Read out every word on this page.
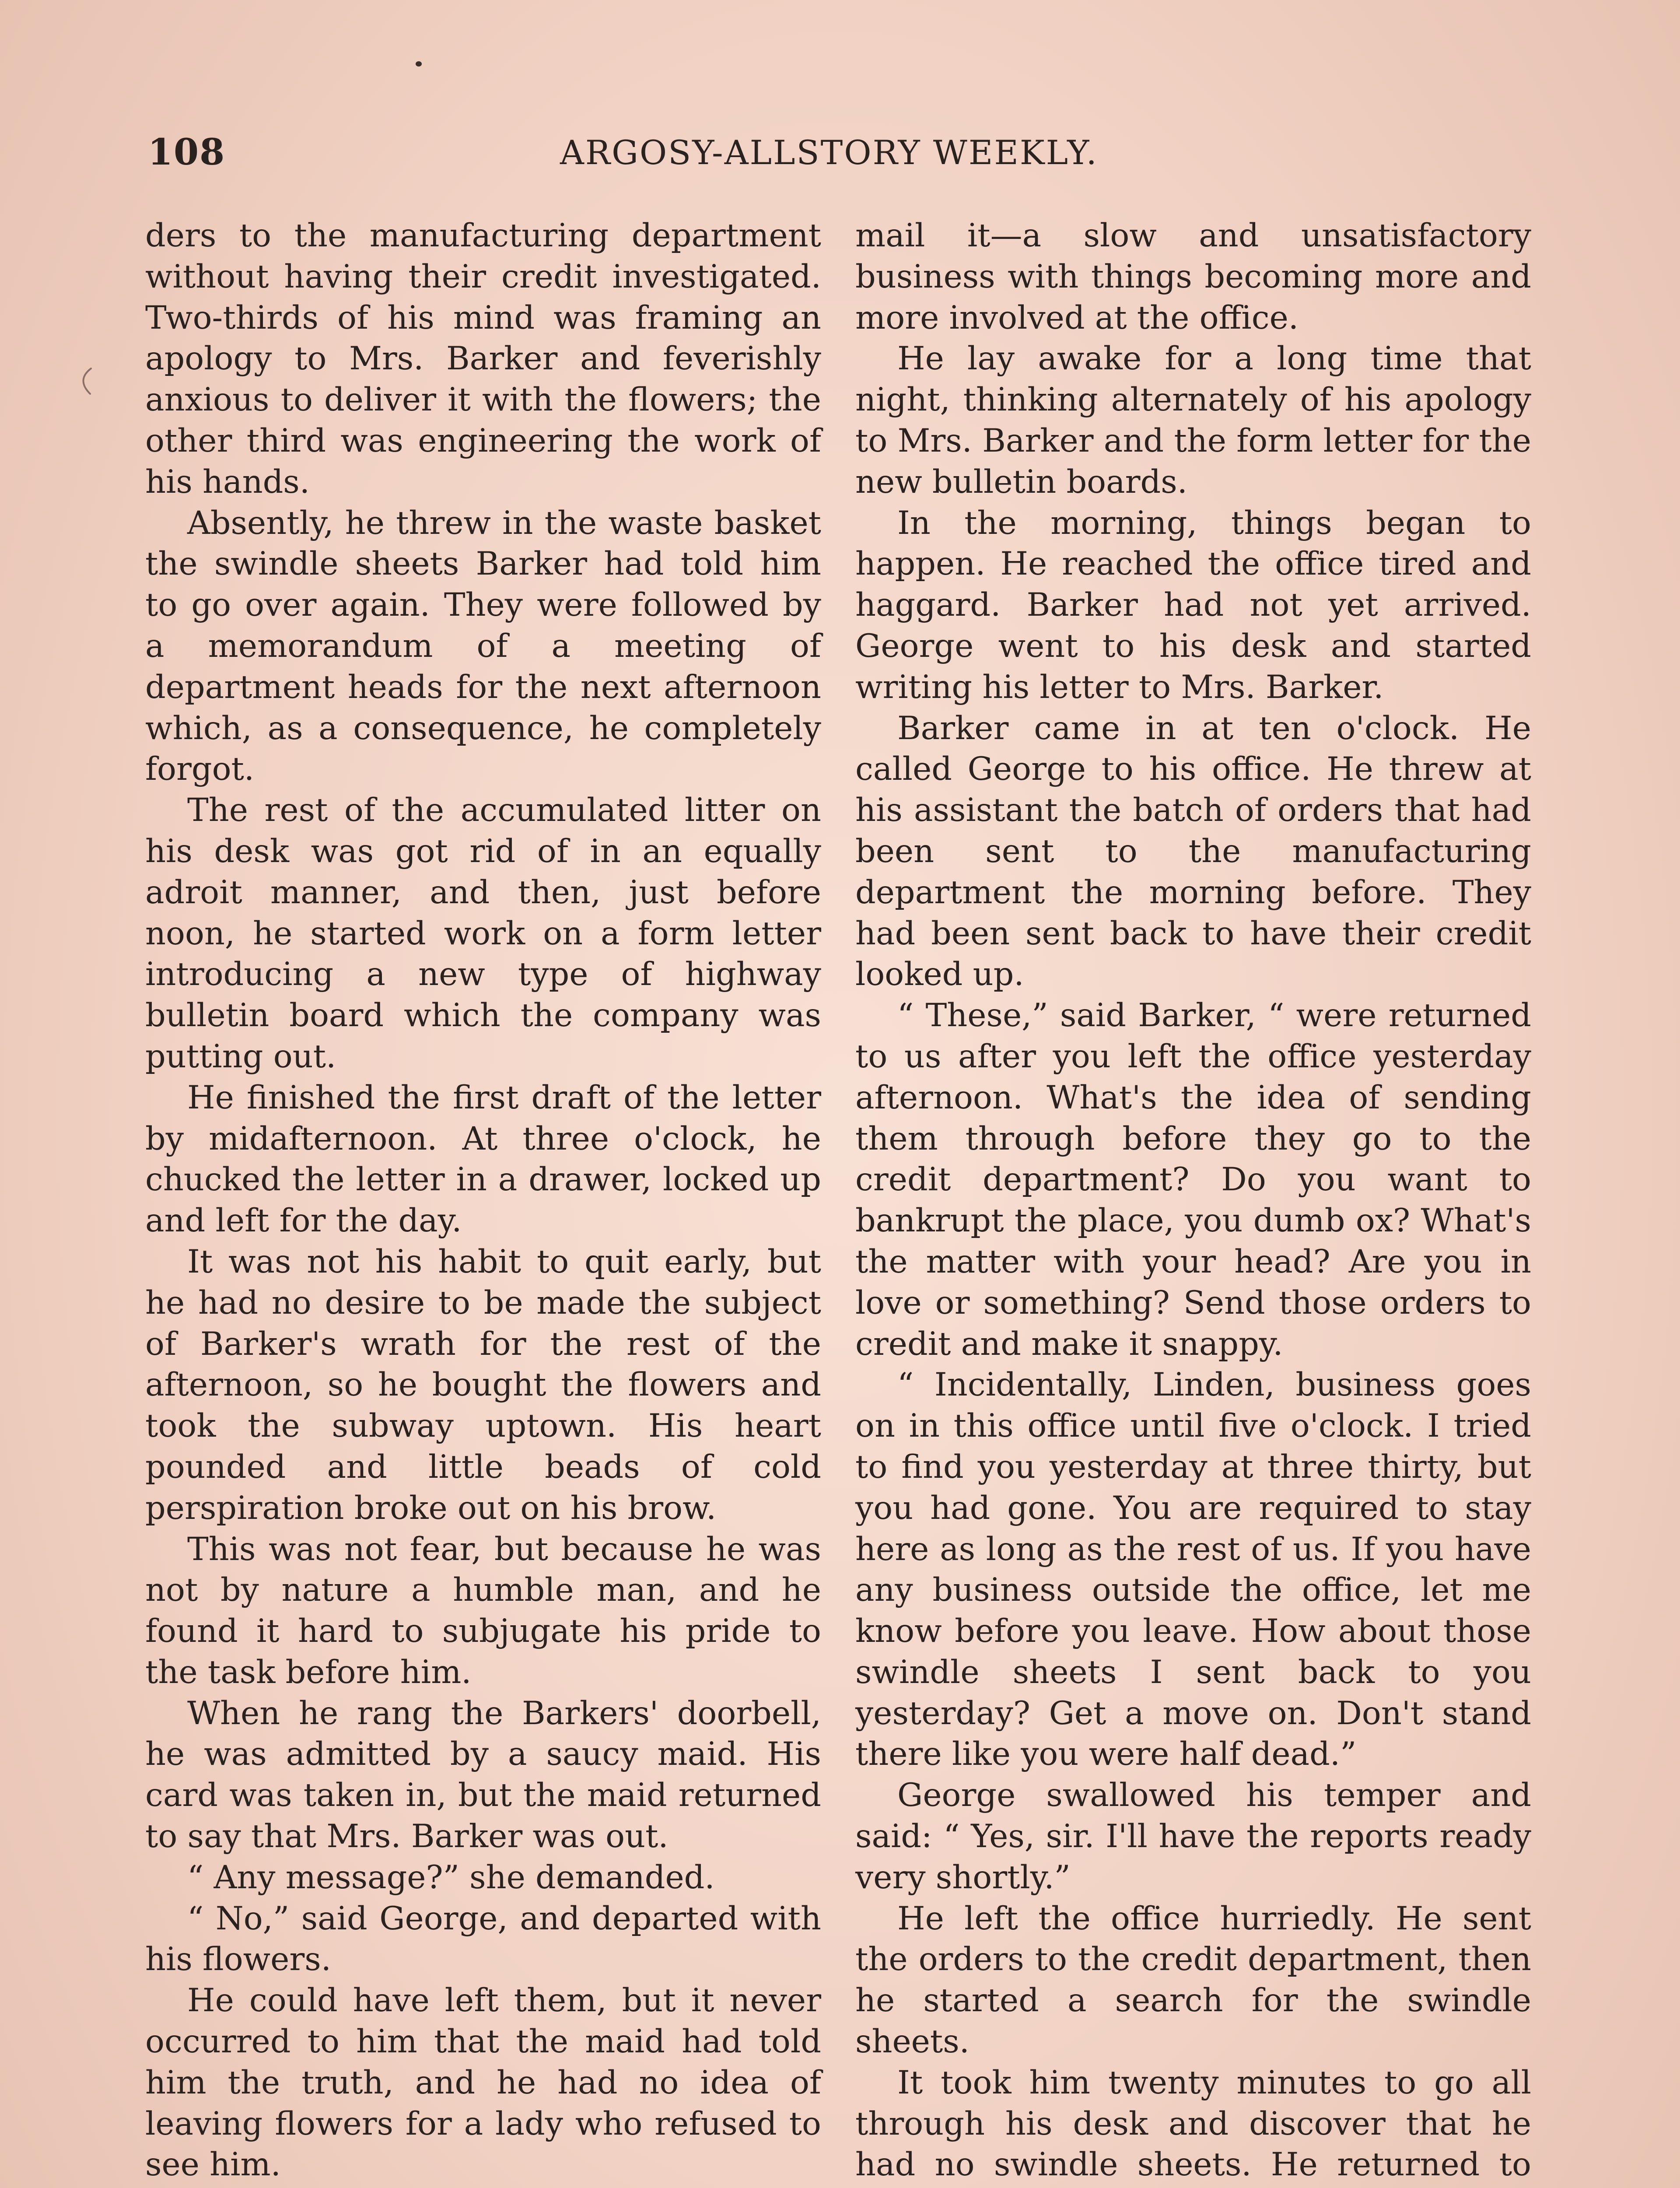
108	ARGOSY-ALLSTORY WEEKLY.

ders to the manufacturing department without having their credit investigated. Two-thirds of his mind was framing an apology to Mrs. Barker and feverishly anxious to deliver it with the flowers; the other third was engineering the work of his hands.

Absently, he threw in the waste basket the swindle sheets Barker had told him to go over again. They were followed by a memorandum of a meeting of department heads for the next afternoon which, as a consequence, he completely forgot.

The rest of the accumulated litter on his desk was got rid of in an equally adroit manner, and then, just before noon, he started work on a form letter introducing a new type of highway bulletin board which the company was putting out.

He finished the first draft of the letter by midafternoon. At three o'clock, he chucked the letter in a drawer, locked up and left for the day.

It was not his habit to quit early, but he had no desire to be made the subject of Barker's wrath for the rest of the afternoon, so he bought the flowers and took the subway uptown. His heart pounded and little beads of cold perspiration broke out on his brow.

This was not fear, but because he was not by nature a humble man, and he found it hard to subjugate his pride to the task before him.

When he rang the Barkers' doorbell, he was admitted by a saucy maid. His card was taken in, but the maid returned to say that Mrs. Barker was out.

“ Any message?” she demanded.

“ No,” said George, and departed with his flowers.

He could have left them, but it never occurred to him that the maid had told him the truth, and he had no idea of leaving flowers for a lady who refused to see him.

mail it—a slow and unsatisfactory business with things becoming more and more involved at the office.

He lay awake for a long time that night, thinking alternately of his apology to Mrs. Barker and the form letter for the new bulletin boards.

In the morning, things began to happen. He reached the office tired and haggard. Barker had not yet arrived. George went to his desk and started writing his letter to Mrs. Barker.

Barker came in at ten o'clock. He called George to his office. He threw at his assistant the batch of orders that had been sent to the manufacturing department the morning before. They had been sent back to have their credit looked up.

“ These,” said Barker, “ were returned to us after you left the office yesterday afternoon. What's the idea of sending them through before they go to the credit department? Do you want to bankrupt the place, you dumb ox? What's the matter with your head? Are you in love or something? Send those orders to credit and make it snappy.

“ Incidentally, Linden, business goes on in this office until five o'clock. I tried to find you yesterday at three thirty, but you had gone. You are required to stay here as long as the rest of us. If you have any business outside the office, let me know before you leave. How about those swindle sheets I sent back to you yesterday? Get a move on. Don't stand there like you were half dead.”

George swallowed his temper and said: “ Yes, sir. I'll have the reports ready very shortly.”

He left the office hurriedly. He sent the orders to the credit department, then he started a search for the swindle sheets.

It took him twenty minutes to go all through his desk and discover that he had no swindle sheets. He returned to
